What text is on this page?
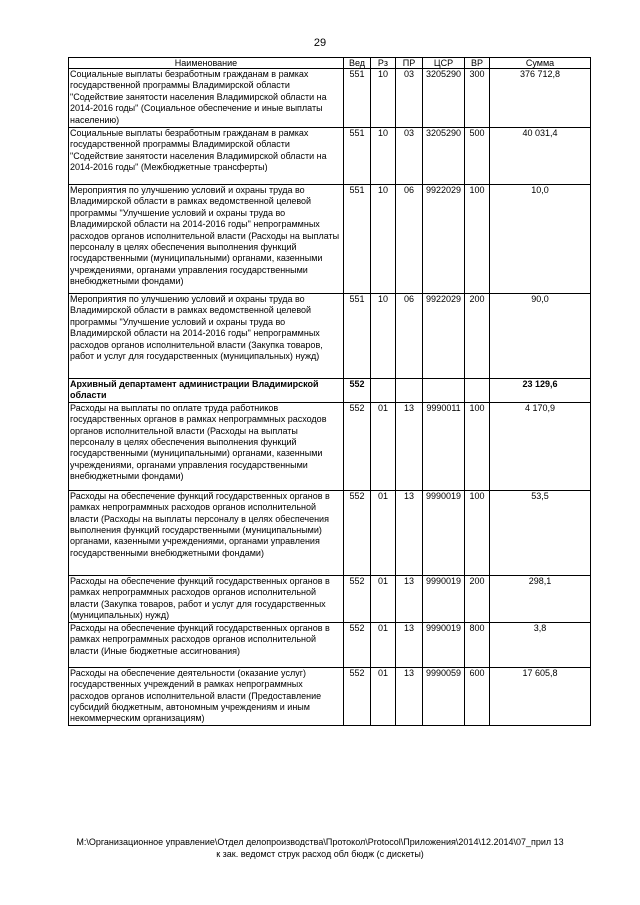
29
Наименование	Вед	Рз	ПР	ЦСР	ВР	Сумма
Социальные выплаты безработным гражданам в рамках государственной программы Владимирской области "Содействие занятости населения Владимирской области на 2014-2016 годы" (Социальное обеспечение и иные выплаты населению)	551	10	03	3205290	300	376 712,8
Социальные выплаты безработным гражданам в рамках государственной программы Владимирской области "Содействие занятости населения Владимирской области на 2014-2016 годы" (Межбюджетные трансферты)	551	10	03	3205290	500	40 031,4
Мероприятия по улучшению условий и охраны труда во Владимирской области в рамках ведомственной целевой программы "Улучшение условий и охраны труда во Владимирской области на 2014-2016 годы" непрограммных расходов органов исполнительной власти (Расходы на выплаты персоналу в целях обеспечения выполнения функций государственными (муниципальными) органами, казенными учреждениями, органами управления государственными внебюджетными фондами)	551	10	06	9922029	100	10,0
Мероприятия по улучшению условий и охраны труда во Владимирской области в рамках ведомственной целевой программы "Улучшение условий и охраны труда во Владимирской области на 2014-2016 годы" непрограммных расходов органов исполнительной власти (Закупка товаров, работ и услуг для государственных (муниципальных) нужд)	551	10	06	9922029	200	90,0
Архивный департамент администрации Владимирской области	552					23 129,6
Расходы на выплаты по оплате труда работников государственных органов в рамках непрограммных расходов органов исполнительной власти (Расходы на выплаты персоналу в целях обеспечения выполнения функций государственными (муниципальными) органами, казенными учреждениями, органами управления государственными внебюджетными фондами)	552	01	13	9990011	100	4 170,9
Расходы на обеспечение функций государственных органов в рамках непрограммных расходов органов исполнительной власти (Расходы на выплаты персоналу в целях обеспечения выполнения функций государственными (муниципальными) органами, казенными учреждениями, органами управления государственными внебюджетными фондами)	552	01	13	9990019	100	53,5
Расходы на обеспечение функций государственных органов в рамках непрограммных расходов органов исполнительной власти (Закупка товаров, работ и услуг для государственных (муниципальных) нужд)	552	01	13	9990019	200	298,1
Расходы на обеспечение функций государственных органов в рамках непрограммных расходов органов исполнительной власти (Иные бюджетные ассигнования)	552	01	13	9990019	800	3,8
Расходы на обеспечение деятельности (оказание услуг) государственных учреждений в рамках непрограммных расходов органов исполнительной власти (Предоставление субсидий бюджетным, автономным учреждениям и иным некоммерческим организациям)	552	01	13	9990059	600	17 605,8
M:\Организационное управление\Отдел делопроизводства\Протокол\Protocol\Приложения\2014\12.2014\07_прил 13
к зак. ведомст струк расход обл бюдж (с дискеты)
